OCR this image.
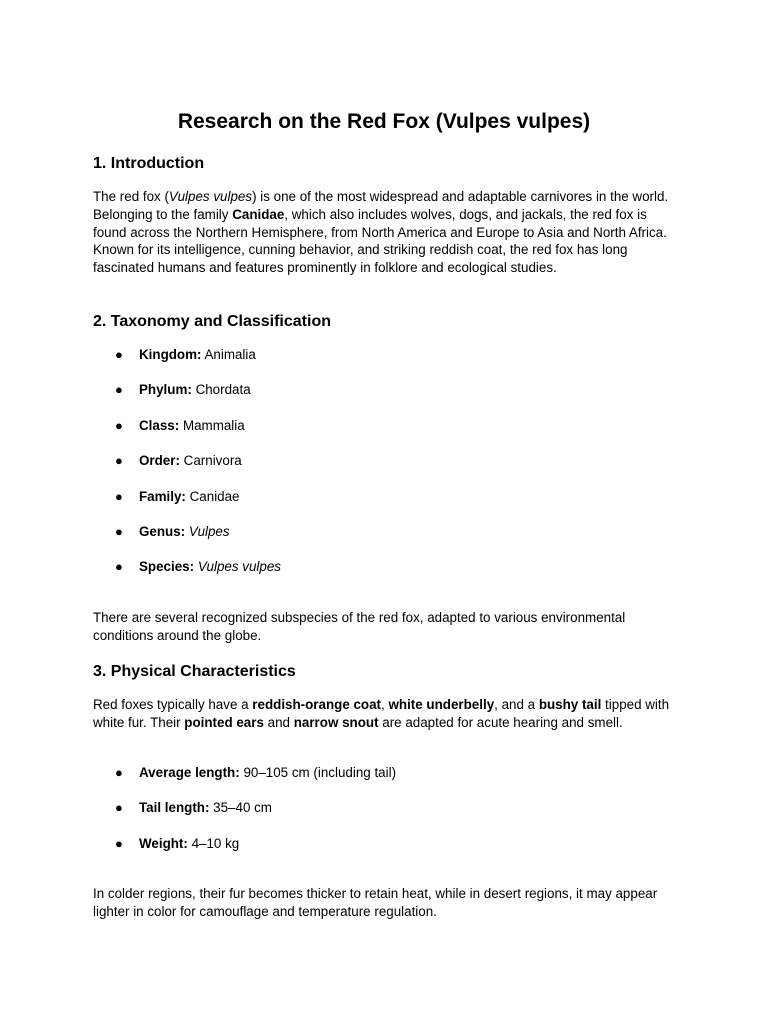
Research on the Red Fox (Vulpes vulpes)
1. Introduction

The red fox (Vulpes vulpes) is one of the most widespread and adaptable carnivores in the world. Belonging to the family Canidae, which also includes wolves, dogs, and jackals, the red fox is found across the Northern Hemisphere, from North America and Europe to Asia and North Africa. Known for its intelligence, cunning behavior, and striking reddish coat, the red fox has long fascinated humans and features prominently in folklore and ecological studies.

2. Taxonomy and Classification
● Kingdom: Animalia
● Phylum: Chordata
● Class: Mammalia
● Order: Carnivora
● Family: Canidae
● Genus: Vulpes
● Species: Vulpes vulpes

There are several recognized subspecies of the red fox, adapted to various environmental conditions around the globe.

3. Physical Characteristics

Red foxes typically have a reddish-orange coat, white underbelly, and a bushy tail tipped with white fur. Their pointed ears and narrow snout are adapted for acute hearing and smell.

● Average length: 90–105 cm (including tail)
● Tail length: 35–40 cm
● Weight: 4–10 kg

In colder regions, their fur becomes thicker to retain heat, while in desert regions, it may appear lighter in color for camouflage and temperature regulation.
